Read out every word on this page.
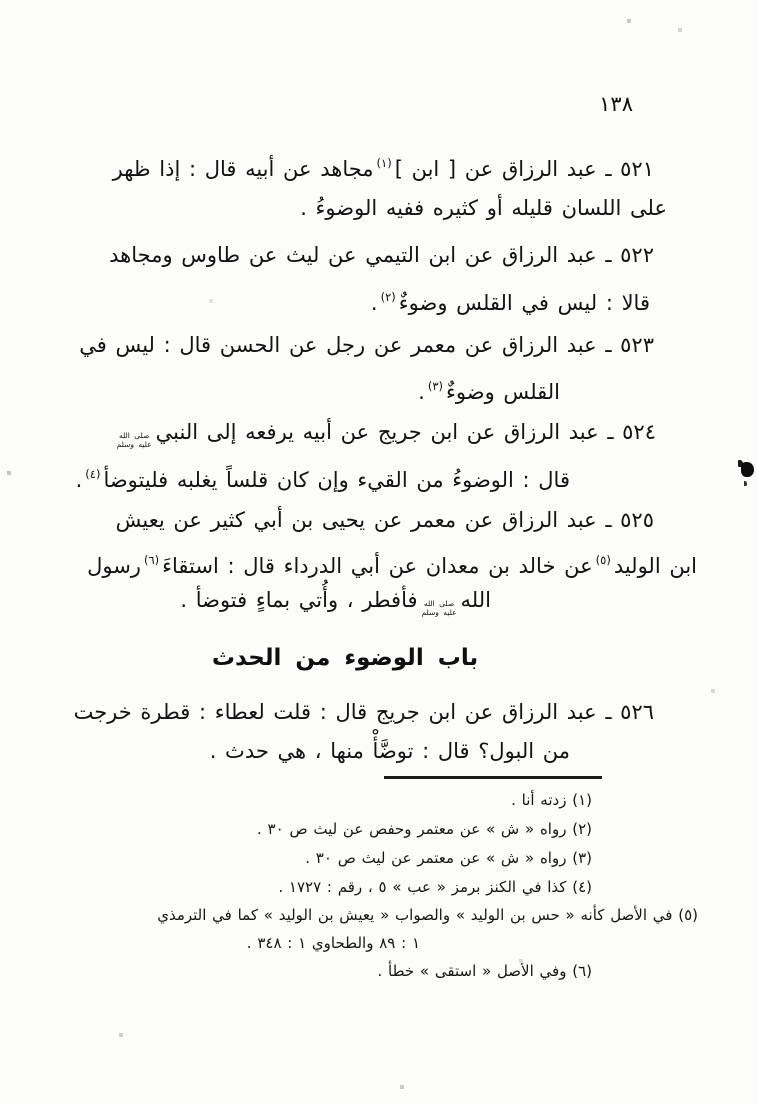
١٣٨
٥٢١ ـ عبد الرزاق عن [ ابن ]$^{(١)}$مجاهد عن أبيه قال : إذا ظهر
على اللسان قليله أو كثيره ففيه الوضوءُ .
٥٢٢ ـ عبد الرزاق عن ابن التيمي عن ليث عن طاوس ومجاهد
قالا : ليس في القلس وضوءٌ$^{(٢)}$.
٥٢٣ ـ عبد الرزاق عن معمر عن رجل عن الحسن قال : ليس في
القلس وضوءٌ$^{(٣)}$.
٥٢٤ ـ عبد الرزاق عن ابن جريج عن أبيه يرفعه إلى النبي
صلى الله
عليه وسلم
قال : الوضوءُ من القيء وإن كان قلساً يغلبه فليتوضأ$^{(٤)}$.
٥٢٥ ـ عبد الرزاق عن معمر عن يحيى بن أبي كثير عن يعيش
ابن الوليد$^{(٥)}$عن خالد بن معدان عن أبي الدرداء قال : استقاءَ$^{(٦)}$رسول
الله
صلى الله
عليه وسلم
فأفطر ، وأُتي بماءٍ فتوضأ .
باب الوضوء من الحدث
٥٢٦ ـ عبد الرزاق عن ابن جريج قال : قلت لعطاء : قطرة خرجت
من البول؟ قال : توضَّأْ منها ، هي حدث .
(١) زدته أنا .
(٢) رواه « ش » عن معتمر وحفص عن ليث ص ٣٠ .
(٣) رواه « ش » عن معتمر عن ليث ص ٣٠ .
(٤) كذا في الكنز برمز « عب » ٥ ، رقم : ١٧٢٧ .
(٥) في الأصل كأنه « حس بن الوليد » والصواب « يعيش بن الوليد » كما في الترمذي
١ : ٨٩ والطحاوي ١ : ٣٤٨ .
(٦) وفي الأصل « استقى » خطأ .
